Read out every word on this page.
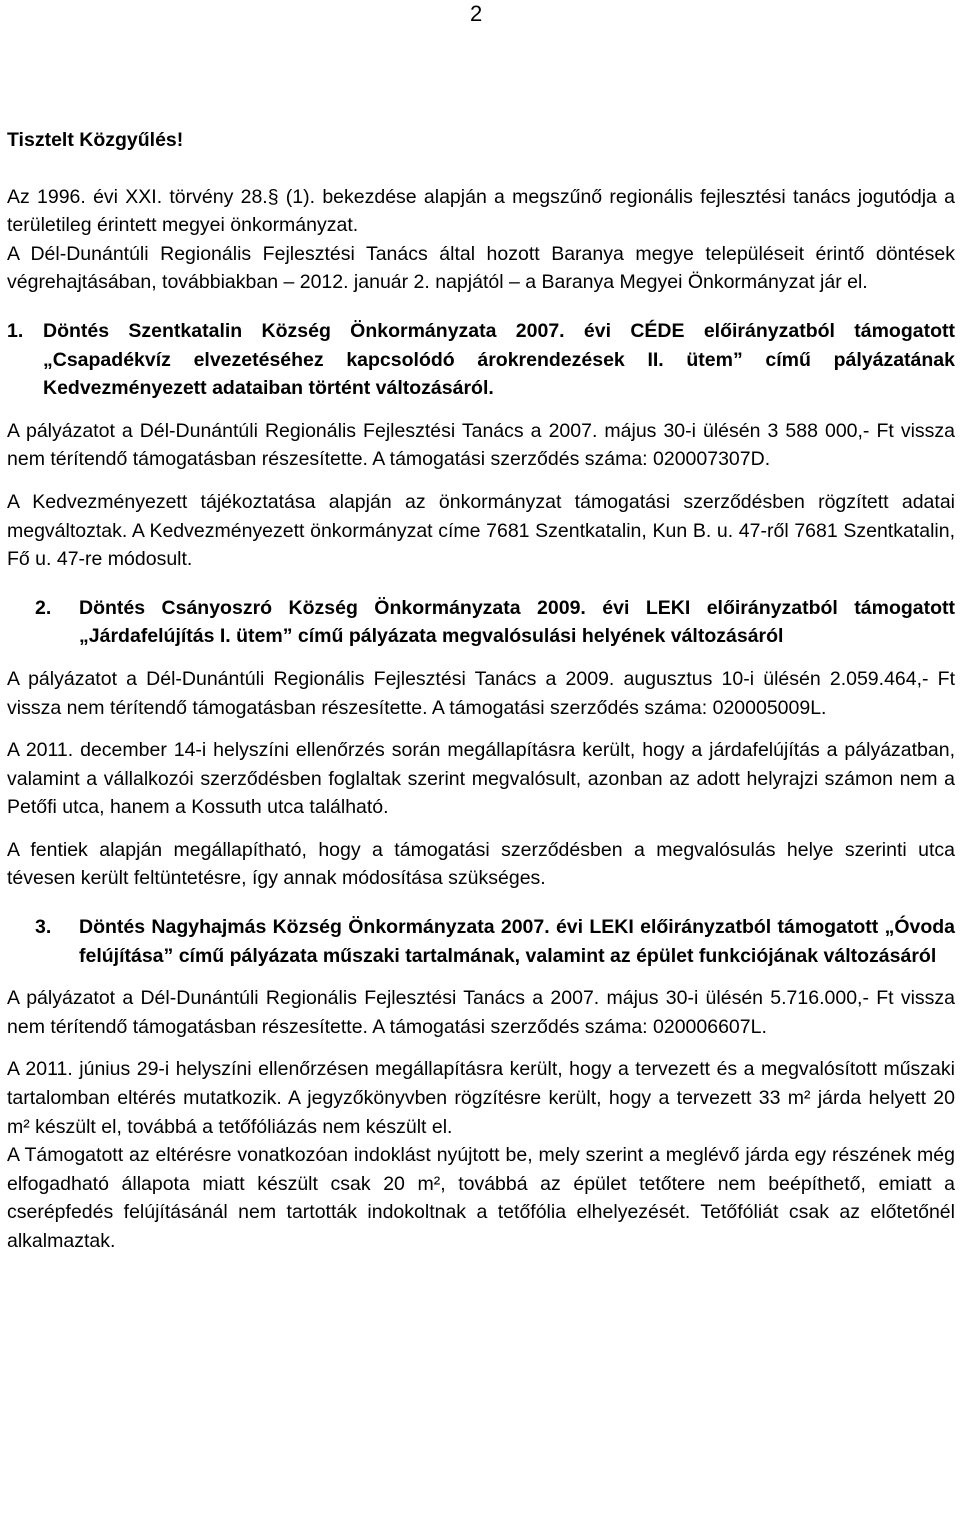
2

Tisztelt Közgyűlés!

Az 1996. évi XXI. törvény 28.§ (1). bekezdése alapján a megszűnő regionális fejlesztési tanács jogutódja a területileg érintett megyei önkormányzat.

A Dél-Dunántúli Regionális Fejlesztési Tanács által hozott Baranya megye településeit érintő döntések végrehajtásában, továbbiakban – 2012. január 2. napjától – a Baranya Megyei Önkormányzat jár el.

1.	Döntés Szentkatalin Község Önkormányzata 2007. évi CÉDE előirányzatból támogatott „Csapadékvíz elvezetéséhez kapcsolódó árokrendezések II. ütem” című pályázatának Kedvezményezett adataiban történt változásáról.

A pályázatot a Dél-Dunántúli Regionális Fejlesztési Tanács a 2007. május 30-i ülésén 3 588 000,- Ft vissza nem térítendő támogatásban részesítette. A támogatási szerződés száma: 020007307D.

A Kedvezményezett tájékoztatása alapján az önkormányzat támogatási szerződésben rögzített adatai megváltoztak. A Kedvezményezett önkormányzat címe 7681 Szentkatalin, Kun B. u. 47-ről 7681 Szentkatalin, Fő u. 47-re módosult.

2.	Döntés Csányoszró Község Önkormányzata 2009. évi LEKI előirányzatból támogatott „Járdafelújítás I. ütem” című pályázata megvalósulási helyének változásáról

A pályázatot a Dél-Dunántúli Regionális Fejlesztési Tanács a 2009. augusztus 10-i ülésén 2.059.464,- Ft vissza nem térítendő támogatásban részesítette. A támogatási szerződés száma: 020005009L.

A 2011. december 14-i helyszíni ellenőrzés során megállapításra került, hogy a járdafelújítás a pályázatban, valamint a vállalkozói szerződésben foglaltak szerint megvalósult, azonban az adott helyrajzi számon nem a Petőfi utca, hanem a Kossuth utca található.

A fentiek alapján megállapítható, hogy a támogatási szerződésben a megvalósulás helye szerinti utca tévesen került feltüntetésre, így annak módosítása szükséges.

3.	Döntés Nagyhajmás Község Önkormányzata 2007. évi LEKI előirányzatból támogatott „Óvoda felújítása” című pályázata műszaki tartalmának, valamint az épület funkciójának változásáról

A pályázatot a Dél-Dunántúli Regionális Fejlesztési Tanács a 2007. május 30-i ülésén 5.716.000,- Ft vissza nem térítendő támogatásban részesítette. A támogatási szerződés száma: 020006607L.

A 2011. június 29-i helyszíni ellenőrzésen megállapításra került, hogy a tervezett és a megvalósított műszaki tartalomban eltérés mutatkozik. A jegyzőkönyvben rögzítésre került, hogy a tervezett 33 m² járda helyett 20 m² készült el, továbbá a tetőfóliázás nem készült el.

A Támogatott az eltérésre vonatkozóan indoklást nyújtott be, mely szerint a meglévő járda egy részének még elfogadható állapota miatt készült csak 20 m², továbbá az épület tetőtere nem beépíthető, emiatt a cserépfedés felújításánál nem tartották indokoltnak a tetőfólia elhelyezését. Tetőfóliát csak az előtetőnél alkalmaztak.
